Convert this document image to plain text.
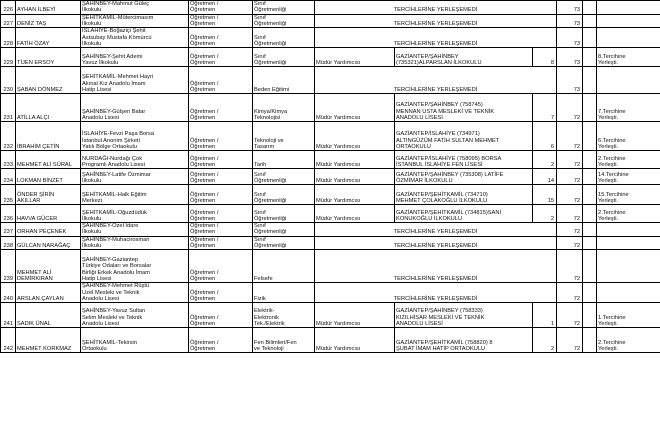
226	AYHAN İLBEYİ	ŞAHİNBEY-Mahmut Güleç
İlkokulu	Öğretmen /
Öğretmen	Sınıf
Öğretmenliği	TERCİHLERİNE YERLEŞEMEDİ			73		
227	DENİZ TAŞ	ŞEHİTKAMİL-Mütercimasım
İlkokulu	Öğretmen /
Öğretmen	Sınıf
Öğretmenliği	TERCİHLERİNE YERLEŞEMEDİ			73		
228	FATİH ÖZAY	İSLAHİYE-Boğaziçi Şehit
Astsubay Mustafa Kömürcü
İlkokulu	Öğretmen /
Öğretmen	Sınıf
Öğretmenliği	TERCİHLERİNE YERLEŞEMEDİ			73		
229	TİJEN ERSOY	ŞAHİNBEY-Şehit Ademi
Yavuz İlkokulu	Öğretmen /
Öğretmen	Sınıf
Öğretmenliği	Müdür Yardımcısı	GAZİANTEP/ŞAHİNBEY
(735321)ALPARSLAN İLKOKULU	8	73		8.Tercihine
Yerleşti.
230	ŞABAN DÖNMEZ	ŞEHİTKAMİL-Mehmet Hayri
Akınal Kız Anadolu İmam
Hatip Lisesi	Öğretmen /
Öğretmen	Beden Eğitimi	TERCİHLERİNE YERLEŞEMEDİ			73		
231	ATİLLA ALÇI	ŞAHİNBEY-Gülşen Batar
Anadolu Lisesi	Öğretmen /
Öğretmen	Kimya/Kimya
Teknolojisi	Müdür Yardımcısı	GAZİANTEP/ŞAHİNBEY (758745)
MENNAN USTA MESLEKİ VE TEKNİK
ANADOLU LİSESİ	7	72		7.Tercihine
Yerleşti.
232	İBRAHİM ÇETİN	İSLAHİYE-Fevzi Paşa Borsa
İstanbul Anonim Şirketi
Yatılı Bölge Ortaokulu	Öğretmen /
Öğretmen	Teknoloji ve
Tasarım	Müdür Yardımcısı	GAZİANTEP/İSLAHİYE (734971)
ALTINGÜZÜM FATİH SULTAN MEHMET
ORTAOKULU	6	72		6.Tercihine
Yerleşti.
233	MEHMET ALİ SÜRAL	NURDAĞI-Nurdağı Çok
Programlı Anadolu Lisesi	Öğretmen /
Öğretmen	Tarih	Müdür Yardımcısı	GAZİANTEP/İSLAHİYE (758095) BORSA
İSTANBUL İSLAHİYE FEN LİSESİ	2	72		2.Tercihine
Yerleşti.
234	LOKMAN BİNZET	ŞAHİNBEY-Latife Özmimar
İlkokulu	Öğretmen /
Öğretmen	Sınıf
Öğretmenliği	Müdür Yardımcısı	GAZİANTEP/ŞAHİNBEY (735308) LATİFE
ÖZMİMAR İLKOKULU	14	72		14.Tercihine
Yerleşti.
235	ÖNDER ŞİRİN
AKILLAR	ŞEHİTKAMİL-Halk Eğitim
Merkezi	Öğretmen /
Öğretmen	Sınıf
Öğretmenliği	Müdür Yardımcısı	GAZİANTEP/ŞEHİTKAMİL (734710)
MEHMET ÇOLAKOĞLU İLKOKULU	15	72		15.Tercihine
Yerleşti.
236	HAVVA GÜCER	ŞEHİTKAMİL-Oğuzdüdük
İlkokulu	Öğretmen /
Öğretmen	Sınıf
Öğretmenliği	Müdür Yardımcısı	GAZİANTEP/ŞEHİTKAMİL (734815)SANİ
KONUKOĞLU İLKOKULU	2	72		2.Tercihine
Yerleşti.
237	ORHAN PEÇENEK	ŞAHİNBEY-Özel İdare
İlkokulu	Öğretmen /
Öğretmen	Sınıf
Öğretmenliği	TERCİHLERİNE YERLEŞEMEDİ			72		
238	GÜLCAN NARAĞAÇ	ŞAHİNBEY-Muhacirosman
İlkokulu	Öğretmen /
Öğretmen	Sınıf
Öğretmenliği	TERCİHLERİNE YERLEŞEMEDİ			72		
239	MEHMET ALİ
DEMİRKIRAN	ŞAHİNBEY-Gaziantep
Türkiye Odaları ve Borsalar
Birliği Erkek Anadolu İmam
Hatip Lisesi	Öğretmen /
Öğretmen	Felsefe	TERCİHLERİNE YERLEŞEMEDİ			72		
240	ARSLAN ÇAYLAN	ŞAHİNBEY-Mehmet Rüştü
Uzel Mesleki ve Teknik
Anadolu Lisesi	Öğretmen /
Öğretmen	Fizik	TERCİHLERİNE YERLEŞEMEDİ			72		
241	SADIK ÜNAL	ŞAHİNBEY-Yavuz Sultan
Selim Mesleki ve Teknik
Anadolu Lisesi	Öğretmen /
Öğretmen	Elektrik-
Elektronik
Tek./Elektrik	Müdür Yardımcısı	GAZİANTEP/ŞAHİNBEY (758333)
KIZILHİSAR MESLEKİ VE TEKNİK
ANADOLU LİSESİ	1	72		1.Tercihine
Yerleşti.
242	MEHMET KORKMAZ	ŞEHİTKAMİL-Tekirsin
Ortaokulu	Öğretmen /
Öğretmen	Fen Bilimleri/Fen
ve Teknoloji	Müdür Yardımcısı	GAZİANTEP/ŞEHİTKAMİL (758820) 8
ŞUBAT İMAM HATİP ORTAOKULU	2	72		2.Tercihine
Yerleşti.
